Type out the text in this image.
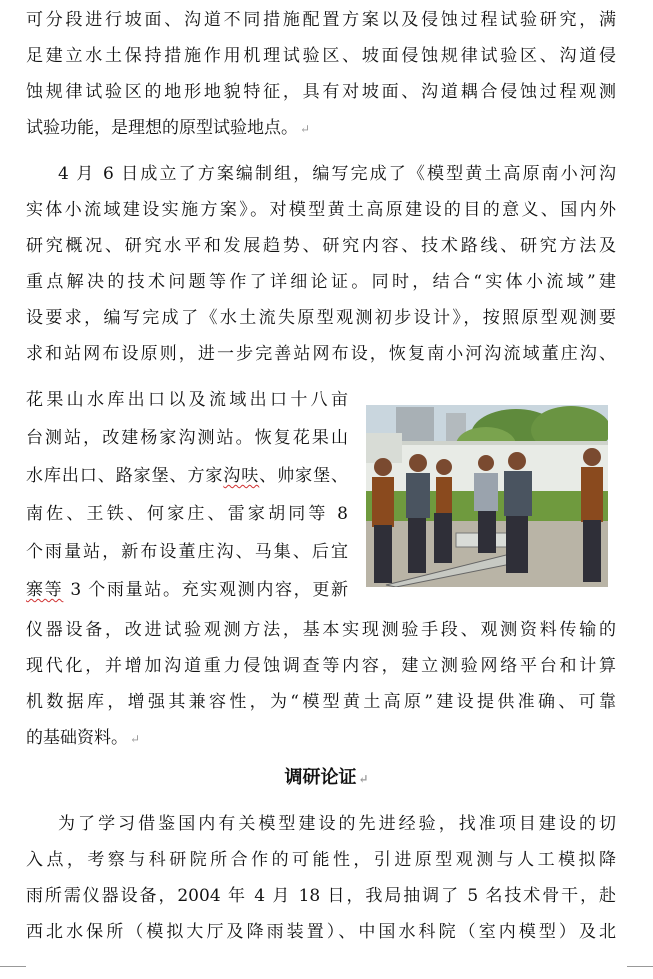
可分段进行坡面、沟道不同措施配置方案以及侵蚀过程试验研究，满
足建立水土保持措施作用机理试验区、坡面侵蚀规律试验区、沟道侵
蚀规律试验区的地形地貌特征，具有对坡面、沟道耦合侵蚀过程观测
试验功能，是理想的原型试验地点。 ↵
4 月 6 日成立了方案编制组，编写完成了《模型黄土高原南小河沟
实体小流域建设实施方案》。对模型黄土高原建设的目的意义、国内外
研究概况、研究水平和发展趋势、研究内容、技术路线、研究方法及
重点解决的技术问题等作了详细论证。同时，结合“实体小流域”建
设要求，编写完成了《水土流失原型观测初步设计》，按照原型观测要
求和站网布设原则，进一步完善站网布设，恢复南小河沟流域董庄沟、
花果山水库出口以及流域出口十八亩
台测站，改建杨家沟测站。恢复花果山
水库出口、路家堡、方家沟呋、帅家堡、
南佐、王铁、何家庄、雷家胡同等 8
个雨量站，新布设董庄沟、马集、后宜
寨等 3 个雨量站。充实观测内容，更新
仪器设备，改进试验观测方法，基本实现测验手段、观测资料传输的
现代化，并增加沟道重力侵蚀调查等内容，建立测验网络平台和计算
机数据库，增强其兼容性，为“模型黄土高原”建设提供准确、可靠
的基础资料。 ↵
调研论证 ↵
为了学习借鉴国内有关模型建设的先进经验，找准项目建设的切
入点，考察与科研院所合作的可能性，引进原型观测与人工模拟降
雨所需仪器设备，2004 年 4 月 18 日，我局抽调了 5 名技术骨干，赴
西北水保所（模拟大厅及降雨装置）、中国水科院（室内模型）及北
